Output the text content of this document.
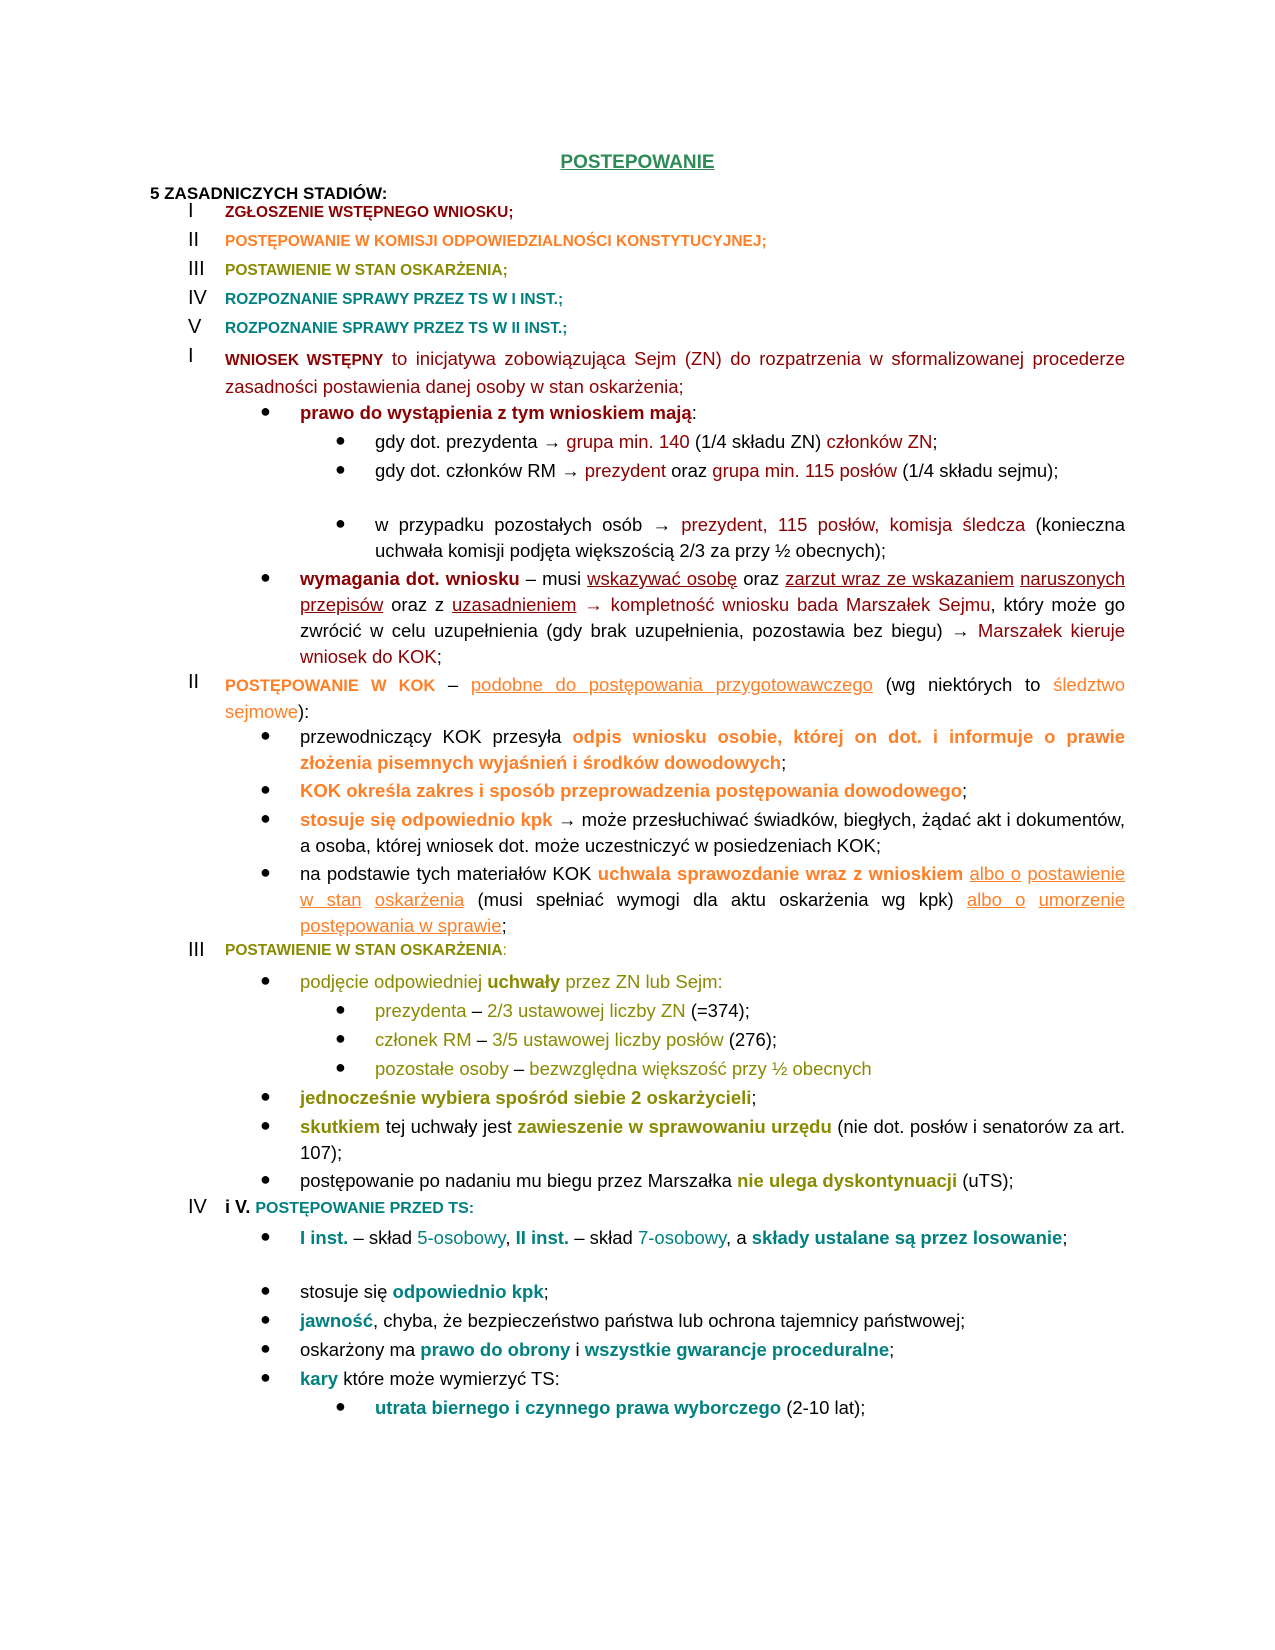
POSTEPOWANIE
5 ZASADNICZYCH STADIÓW:
I ZGŁOSZENIE WSTĘPNEGO WNIOSKU;
II POSTĘPOWANIE W KOMISJI ODPOWIEDZIALNOŚCI KONSTYTUCYJNEJ;
III POSTAWIENIE W STAN OSKARŻENIA;
IV ROZPOZNANIE SPRAWY PRZEZ TS W I INST.;
V ROZPOZNANIE SPRAWY PRZEZ TS W II INST.;
I WNIOSEK WSTĘPNY to inicjatywa zobowiązująca Sejm (ZN) do rozpatrzenia w sformalizowanej procederze zasadności postawienia danej osoby w stan oskarżenia;
● prawo do wystąpienia z tym wnioskiem mają:
● gdy dot. prezydenta → grupa min. 140 (1/4 składu ZN) członków ZN;
● gdy dot. członków RM → prezydent oraz grupa min. 115 posłów (1/4 składu sejmu);
● w przypadku pozostałych osób → prezydent, 115 posłów, komisja śledcza (konieczna uchwała komisji podjęta większością 2/3 za przy ½ obecnych);
● wymagania dot. wniosku – musi wskazywać osobę oraz zarzut wraz ze wskazaniem naruszonych przepisów oraz z uzasadnieniem → kompletność wniosku bada Marszałek Sejmu, który może go zwrócić w celu uzupełnienia (gdy brak uzupełnienia, pozostawia bez biegu) → Marszałek kieruje wniosek do KOK;
II POSTĘPOWANIE W KOK – podobne do postępowania przygotowawczego (wg niektórych to śledztwo sejmowe):
● przewodniczący KOK przesyła odpis wniosku osobie, której on dot. i informuje o prawie złożenia pisemnych wyjaśnień i środków dowodowych;
● KOK określa zakres i sposób przeprowadzenia postępowania dowodowego;
● stosuje się odpowiednio kpk → może przesłuchiwać świadków, biegłych, żądać akt i dokumentów, a osoba, której wniosek dot. może uczestniczyć w posiedzeniach KOK;
● na podstawie tych materiałów KOK uchwala sprawozdanie wraz z wnioskiem albo o postawienie w stan oskarżenia (musi spełniać wymogi dla aktu oskarżenia wg kpk) albo o umorzenie postępowania w sprawie;
III POSTAWIENIE W STAN OSKARŻENIA:
● podjęcie odpowiedniej uchwały przez ZN lub Sejm:
● prezydenta – 2/3 ustawowej liczby ZN (=374);
● członek RM – 3/5 ustawowej liczby posłów (276);
● pozostałe osoby – bezwzględna większość przy ½ obecnych
● jednocześnie wybiera spośród siebie 2 oskarżycieli;
● skutkiem tej uchwały jest zawieszenie w sprawowaniu urzędu (nie dot. posłów i senatorów za art. 107);
● postępowanie po nadaniu mu biegu przez Marszałka nie ulega dyskontynuacji (uTS);
IV i V. POSTĘPOWANIE PRZED TS:
● I inst. – skład 5-osobowy, II inst. – skład 7-osobowy, a składy ustalane są przez losowanie;
● stosuje się odpowiednio kpk;
● jawność, chyba, że bezpieczeństwo państwa lub ochrona tajemnicy państwowej;
● oskarżony ma prawo do obrony i wszystkie gwarancje proceduralne;
● kary które może wymierzyć TS:
● utrata biernego i czynnego prawa wyborczego (2-10 lat);
